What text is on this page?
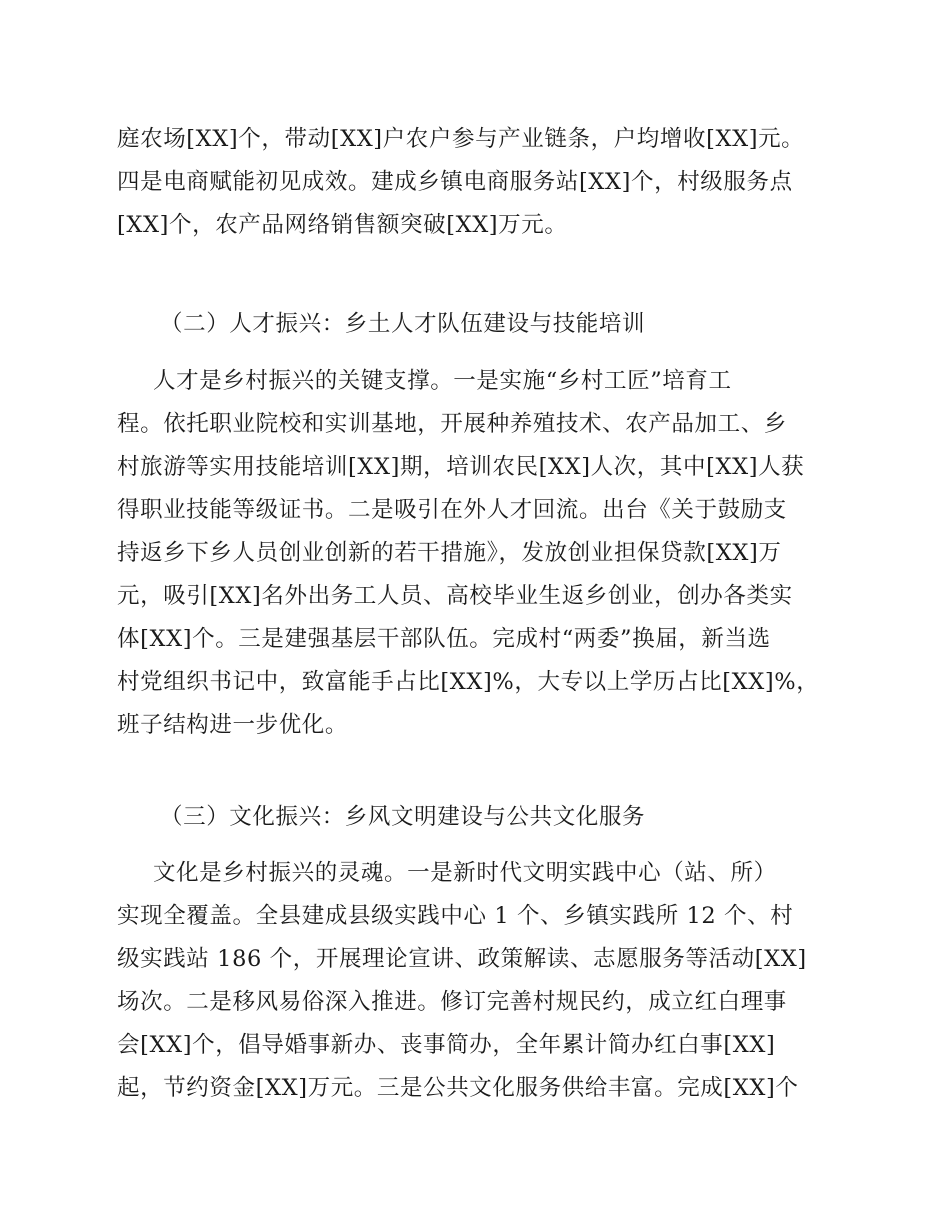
庭农场[XX]个，带动[XX]户农户参与产业链条，户均增收[XX]元。
四是电商赋能初见成效。建成乡镇电商服务站[XX]个，村级服务点
[XX]个，农产品网络销售额突破[XX]万元。
（二）人才振兴：乡土人才队伍建设与技能培训
人才是乡村振兴的关键支撑。一是实施“乡村工匠”培育工
程。依托职业院校和实训基地，开展种养殖技术、农产品加工、乡
村旅游等实用技能培训[XX]期，培训农民[XX]人次，其中[XX]人获
得职业技能等级证书。二是吸引在外人才回流。出台《关于鼓励支
持返乡下乡人员创业创新的若干措施》，发放创业担保贷款[XX]万
元，吸引[XX]名外出务工人员、高校毕业生返乡创业，创办各类实
体[XX]个。三是建强基层干部队伍。完成村“两委”换届，新当选
村党组织书记中，致富能手占比[XX]%，大专以上学历占比[XX]%，
班子结构进一步优化。
（三）文化振兴：乡风文明建设与公共文化服务
文化是乡村振兴的灵魂。一是新时代文明实践中心（站、所）
实现全覆盖。全县建成县级实践中心 1 个、乡镇实践所 12 个、村
级实践站 186 个，开展理论宣讲、政策解读、志愿服务等活动[XX]
场次。二是移风易俗深入推进。修订完善村规民约，成立红白理事
会[XX]个，倡导婚事新办、丧事简办，全年累计简办红白事[XX]
起，节约资金[XX]万元。三是公共文化服务供给丰富。完成[XX]个
